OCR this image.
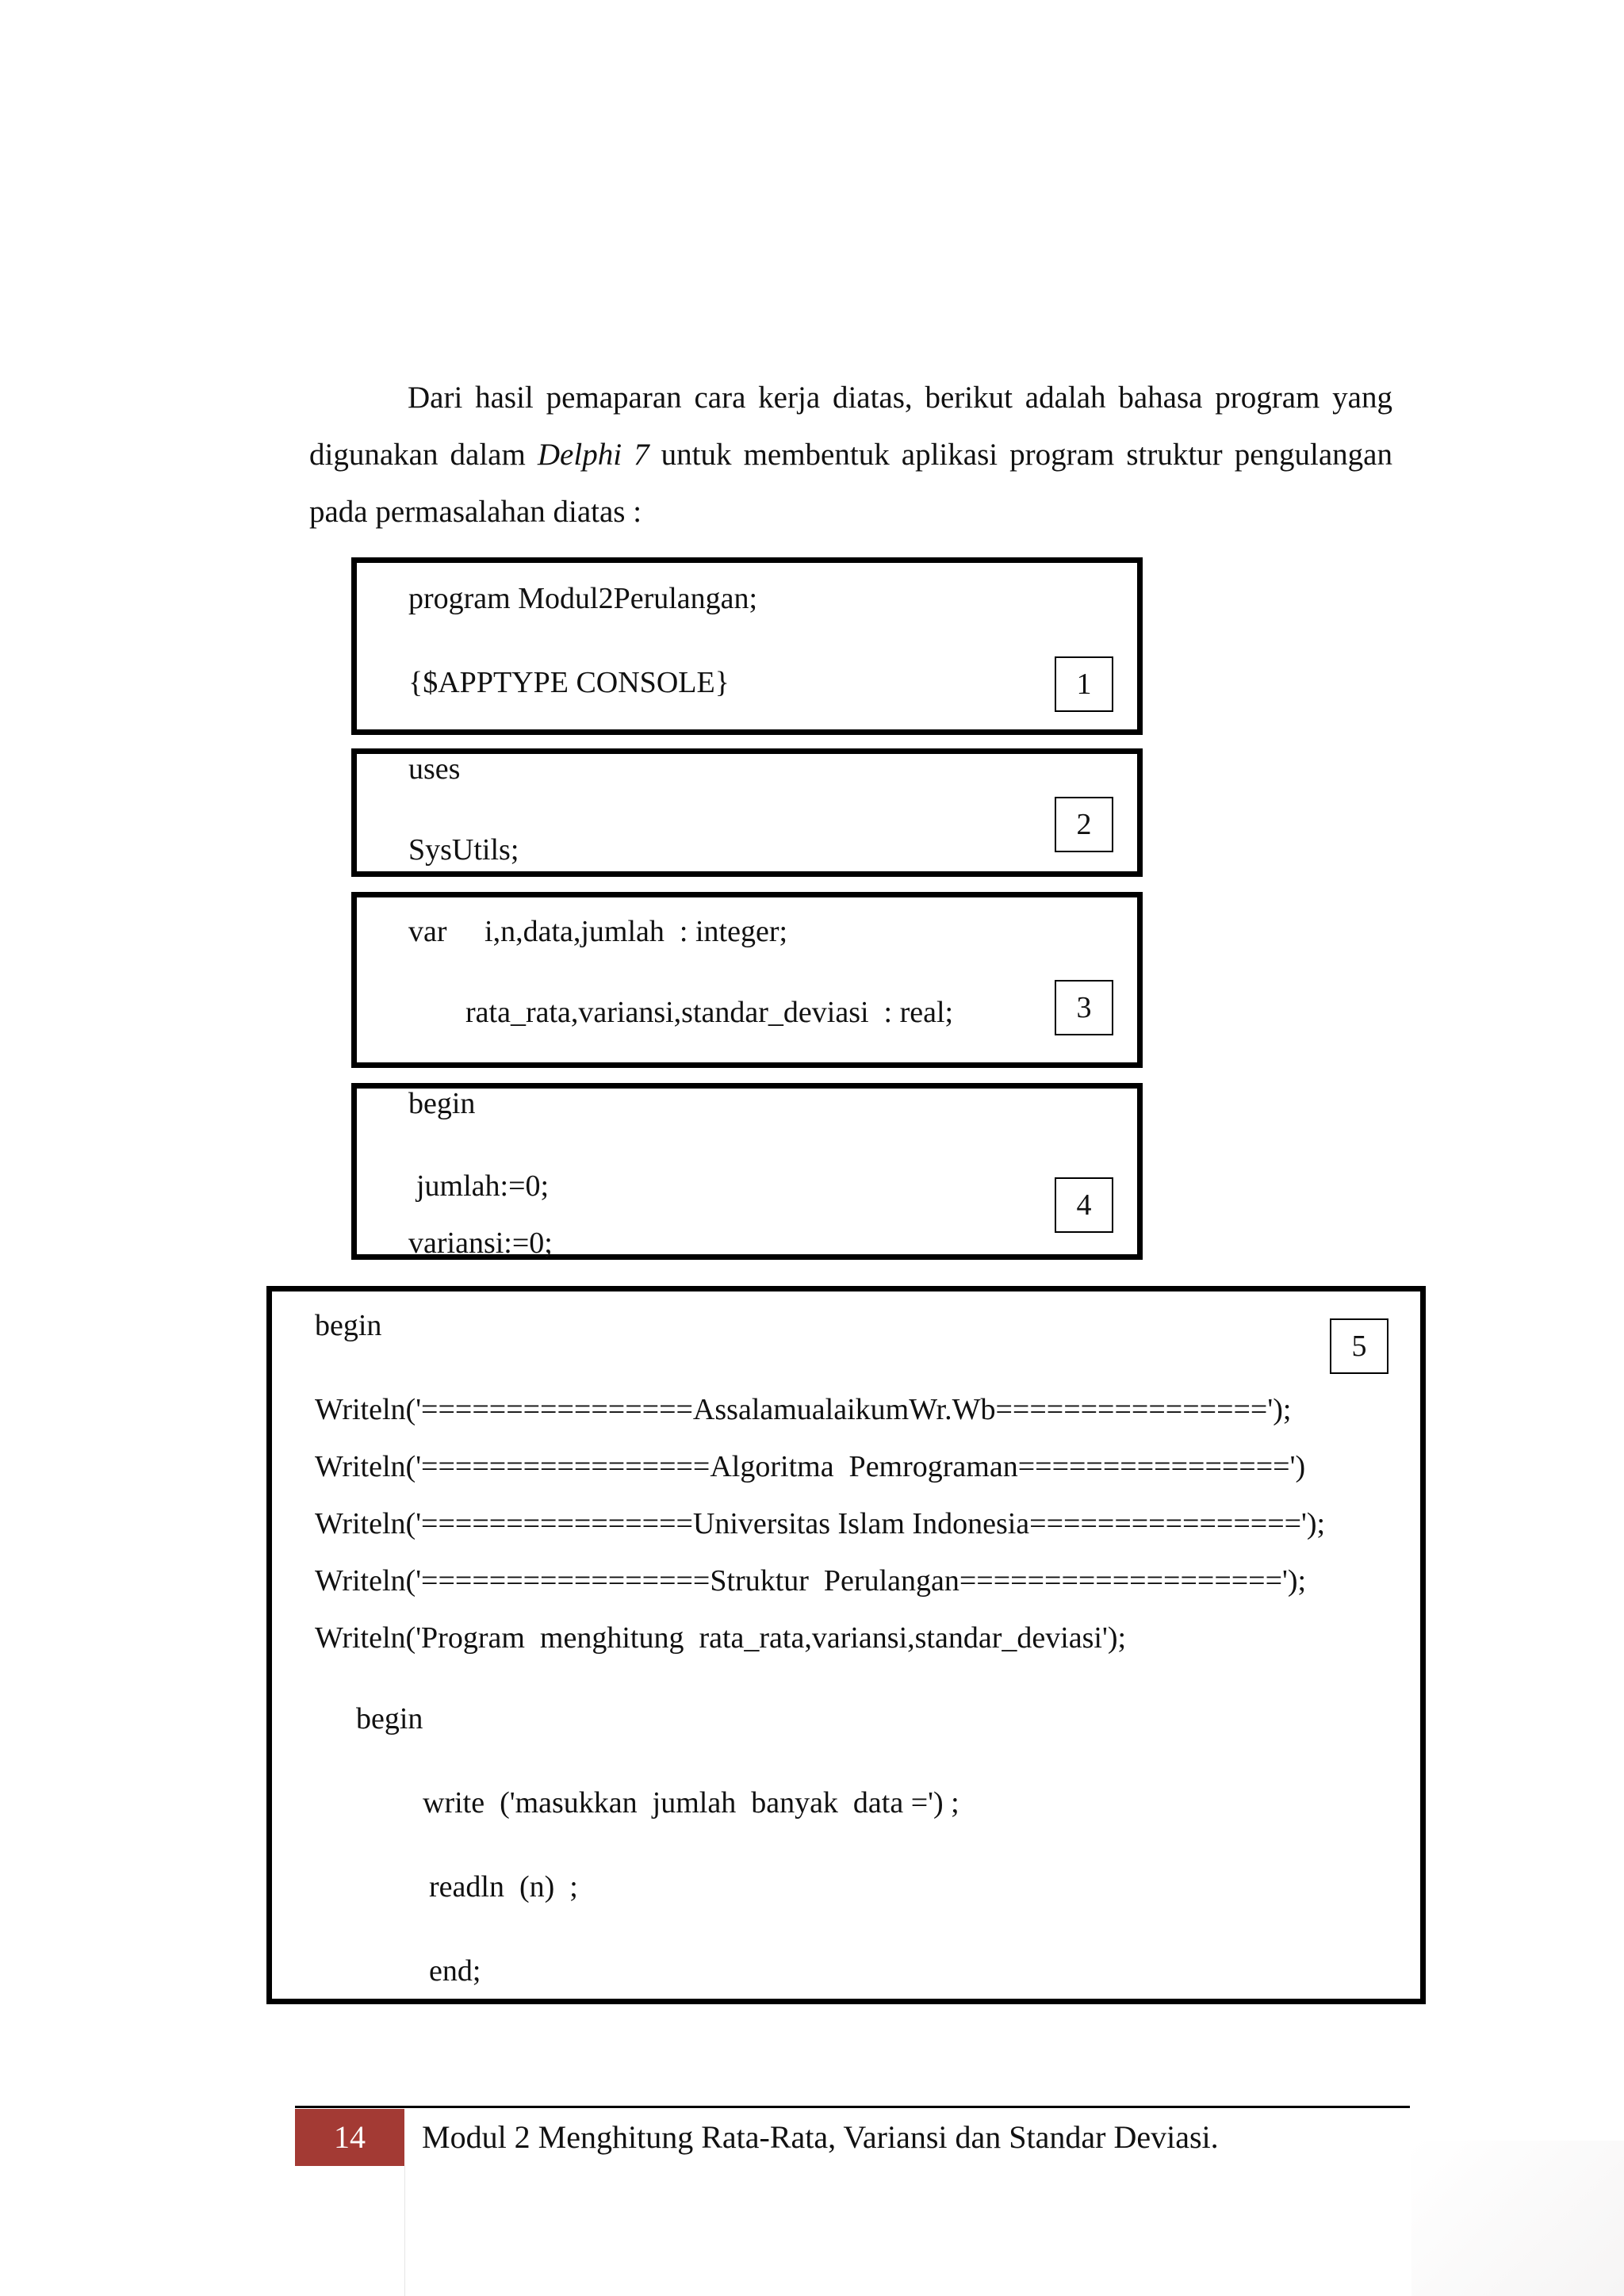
Dari hasil pemaparan cara kerja diatas, berikut adalah bahasa program yang digunakan dalam Delphi 7 untuk membentuk aplikasi program struktur pengulangan pada permasalahan diatas :

program Modul2Perulangan;
{$APPTYPE CONSOLE}	1
uses
SysUtils;
2
var     i,n,data,jumlah  : integer;
rata_rata,variansi,standar_deviasi  : real;	3
begin
jumlah:=0;
variansi:=0;
4
begin
5
Writeln('================AssalamualaikumWr.Wb================');
Writeln('=================Algoritma  Pemrograman================')
Writeln('================Universitas Islam Indonesia================');
Writeln('=================Struktur  Perulangan===================');
Writeln('Program  menghitung  rata_rata,variansi,standar_deviasi');
begin
write  ('masukkan  jumlah  banyak  data =') ;
readln  (n)  ;
end;
14	Modul 2 Menghitung Rata-Rata, Variansi dan Standar Deviasi.
